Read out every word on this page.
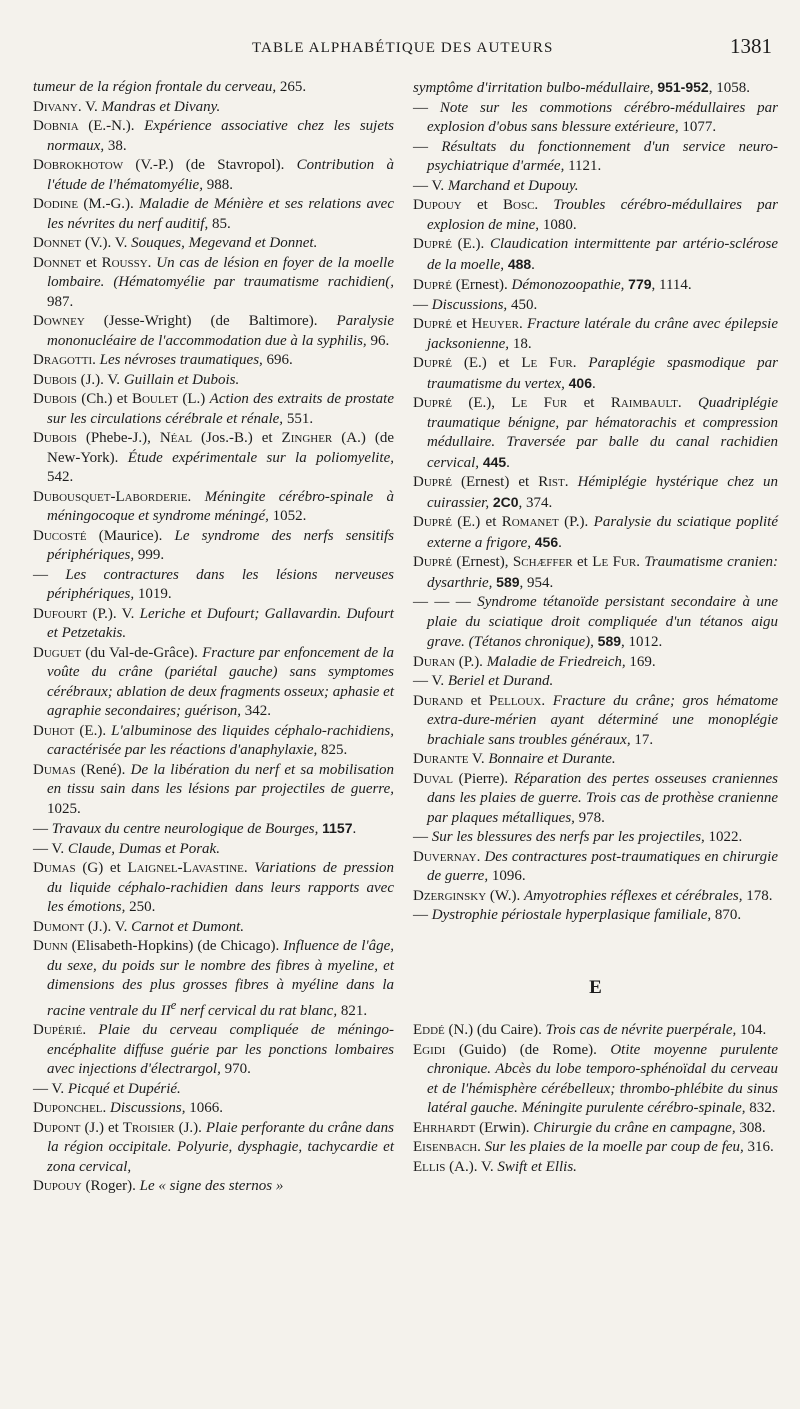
TABLE ALPHABÉTIQUE DES AUTEURS	1381

tumeur de la région frontale du cerveau, 265.

Divany. V. Mandras et Divany.

Dobnia (E.-N.). Expérience associative chez les sujets normaux, 38.

Dobrokhotow (V.-P.) (de Stavropol). Contribution à l'étude de l'hématomyélie, 988.

Dodine (M.-G.). Maladie de Ménière et ses relations avec les névrites du nerf auditif, 85.

Donnet (V.). V. Souques, Megevand et Donnet.

Donnet et Roussy. Un cas de lésion en foyer de la moelle lombaire. (Hématomyélie par traumatisme rachidien(, 987.

Downey (Jesse-Wright) (de Baltimore). Paralysie mononucléaire de l'accommodation due à la syphilis, 96.

Dragotti. Les névroses traumatiques, 696.

Dubois (J.). V. Guillain et Dubois.

Dubois (Ch.) et Boulet (L.) Action des extraits de prostate sur les circulations cérébrale et rénale, 551.

Dubois (Phebe-J.), Néal (Jos.-B.) et Zingher (A.) (de New-York). Étude expérimentale sur la poliomyelite, 542.

Dubousquet-Laborderie. Méningite cérébro-spinale à méningocoque et syndrome méningé, 1052.

Ducosté (Maurice). Le syndrome des nerfs sensitifs périphériques, 999.

— Les contractures dans les lésions nerveuses périphériques, 1019.

Dufourt (P.). V. Leriche et Dufourt; Gallavardin. Dufourt et Petzetakis.

Duguet (du Val-de-Grâce). Fracture par enfoncement de la voûte du crâne (pariétal gauche) sans symptomes cérébraux; ablation de deux fragments osseux; aphasie et agraphie secondaires; guérison, 342.

Duhot (E.). L'albuminose des liquides céphalo-rachidiens, caractérisée par les réactions d'anaphylaxie, 825.

Dumas (René). De la libération du nerf et sa mobilisation en tissu sain dans les lésions par projectiles de guerre, 1025.

— Travaux du centre neurologique de Bourges, 1157.

— V. Claude, Dumas et Porak.

Dumas (G) et Laignel-Lavastine. Variations de pression du liquide céphalo-rachidien dans leurs rapports avec les émotions, 250.

Dumont (J.). V. Carnot et Dumont.

Dunn (Elisabeth-Hopkins) (de Chicago). Influence de l'âge, du sexe, du poids sur le nombre des fibres à myeline, et dimensions des plus grosses fibres à myéline dans la racine ventrale du IIe nerf cervical du rat blanc, 821.

Dupérié. Plaie du cerveau compliquée de méningo-encéphalite diffuse guérie par les ponctions lombaires avec injections d'électrargol, 970.

— V. Picqué et Dupérié.

Duponchel. Discussions, 1066.

Dupont (J.) et Troisier (J.). Plaie perforante du crâne dans la région occipitale. Polyurie, dysphagie, tachycardie et zona cervical,

Dupouy (Roger). Le « signe des sternos »

symptôme d'irritation bulbo-médullaire, 951-952, 1058.

— Note sur les commotions cérébro-médullaires par explosion d'obus sans blessure extérieure, 1077.

— Résultats du fonctionnement d'un service neuro-psychiatrique d'armée, 1121.

— V. Marchand et Dupouy.

Dupouy et Bosc. Troubles cérébro-médullaires par explosion de mine, 1080.

Dupré (E.). Claudication intermittente par artério-sclérose de la moelle, 488.

Dupré (Ernest). Démonozoopathie, 779, 1114.

— Discussions, 450.

Dupré et Heuyer. Fracture latérale du crâne avec épilepsie jacksonienne, 18.

Dupré (E.) et Le Fur. Paraplégie spasmodique par traumatisme du vertex, 406.

Dupré (E.), Le Fur et Raimbault. Quadriplégie traumatique bénigne, par hématorachis et compression médullaire. Traversée par balle du canal rachidien cervical, 445.

Dupré (Ernest) et Rist. Hémiplégie hystérique chez un cuirassier, 2C0, 374.

Dupré (E.) et Romanet (P.). Paralysie du sciatique poplité externe a frigore, 456.

Dupré (Ernest), Schæffer et Le Fur. Traumatisme cranien: dysarthrie, 589, 954.

— — — Syndrome tétanoïde persistant secondaire à une plaie du sciatique droit compliquée d'un tétanos aigu grave. (Tétanos chronique), 589, 1012.

Duran (P.). Maladie de Friedreich, 169.

— V. Beriel et Durand.

Durand et Pelloux. Fracture du crâne; gros hématome extra-dure-mérien ayant déterminé une monoplégie brachiale sans troubles généraux, 17.

Durante V. Bonnaire et Durante.

Duval (Pierre). Réparation des pertes osseuses craniennes dans les plaies de guerre. Trois cas de prothèse cranienne par plaques métalliques, 978.

— Sur les blessures des nerfs par les projectiles, 1022.

Duvernay. Des contractures post-traumatiques en chirurgie de guerre, 1096.

Dzerginsky (W.). Amyotrophies réflexes et cérébrales, 178.

— Dystrophie périostale hyperplasique familiale, 870.

E

Eddé (N.) (du Caire). Trois cas de névrite puerpérale, 104.

Egidi (Guido) (de Rome). Otite moyenne purulente chronique. Abcès du lobe temporo-sphénoïdal du cerveau et de l'hémisphère cérébelleux; thrombo-phlébite du sinus latéral gauche. Méningite purulente cérébro-spinale, 832.

Ehrhardt (Erwin). Chirurgie du crâne en campagne, 308.

Eisenbach. Sur les plaies de la moelle par coup de feu, 316.

Ellis (A.). V. Swift et Ellis.
